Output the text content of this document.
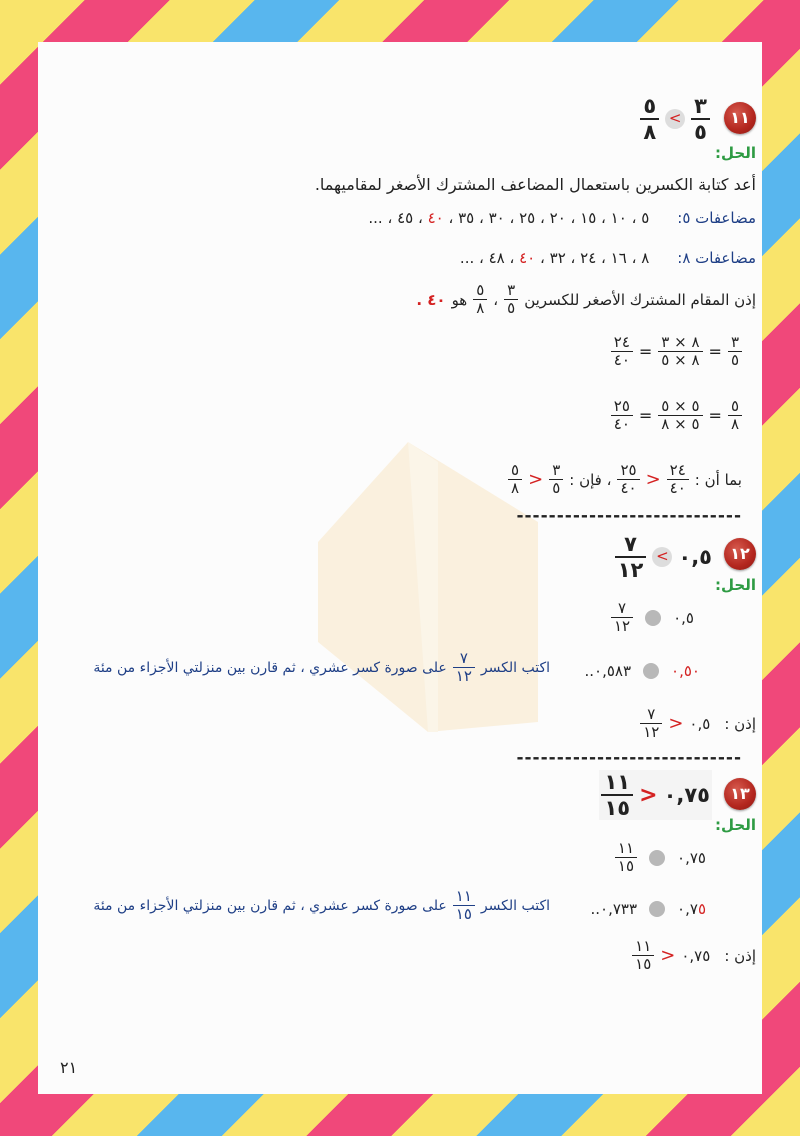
١١
$\frac{٣}{٥}$
>
$\frac{٥}{٨}$
الحل:
أعد كتابة الكسرين باستعمال المضاعف المشترك الأصغر لمقاميهما.
مضاعفات ٥:
٥ ، ١٠ ، ١٥ ، ٢٠ ، ٢٥ ، ٣٠ ، ٣٥ ، ٤٠ ، ٤٥ ، ...
مضاعفات ٨:
٨ ، ١٦ ، ٢٤ ، ٣٢ ، ٤٠ ، ٤٨ ، ...
إذن المقام المشترك الأصغر للكسرين
$\frac{٣}{٥}$
،
$\frac{٥}{٨}$
هو
٤٠ .
$\frac{٣}{٥}$
=
$\frac{٨ \times ٣}{٨ \times ٥}$
=
$\frac{٢٤}{٤٠}$
$\frac{٥}{٨}$
=
$\frac{٥ \times ٥}{٥ \times ٨}$
=
$\frac{٢٥}{٤٠}$
بما أن :
$\frac{٢٤}{٤٠}$
<
$\frac{٢٥}{٤٠}$
، فإن :
$\frac{٣}{٥}$
<
$\frac{٥}{٨}$
----------------------------
١٢
٠,٥
>
$\frac{٧}{١٢}$
الحل:
٠,٥
$\frac{٧}{١٢}$
٠,٥٠
٠,٥٨٣..
اكتب الكسر
$\frac{٧}{١٢}$
على صورة كسر عشري ، ثم قارن بين منزلتي الأجزاء من مئة
إذن :
٠,٥
<
$\frac{٧}{١٢}$
----------------------------
١٣
٠,٧٥
<
$\frac{١١}{١٥}$
الحل:
٠,٧٥
$\frac{١١}{١٥}$
٠,٧٥
٠,٧٣٣..
اكتب الكسر
$\frac{١١}{١٥}$
على صورة كسر عشري ، ثم قارن بين منزلتي الأجزاء من مئة
إذن :
٠,٧٥
<
$\frac{١١}{١٥}$
٢١
